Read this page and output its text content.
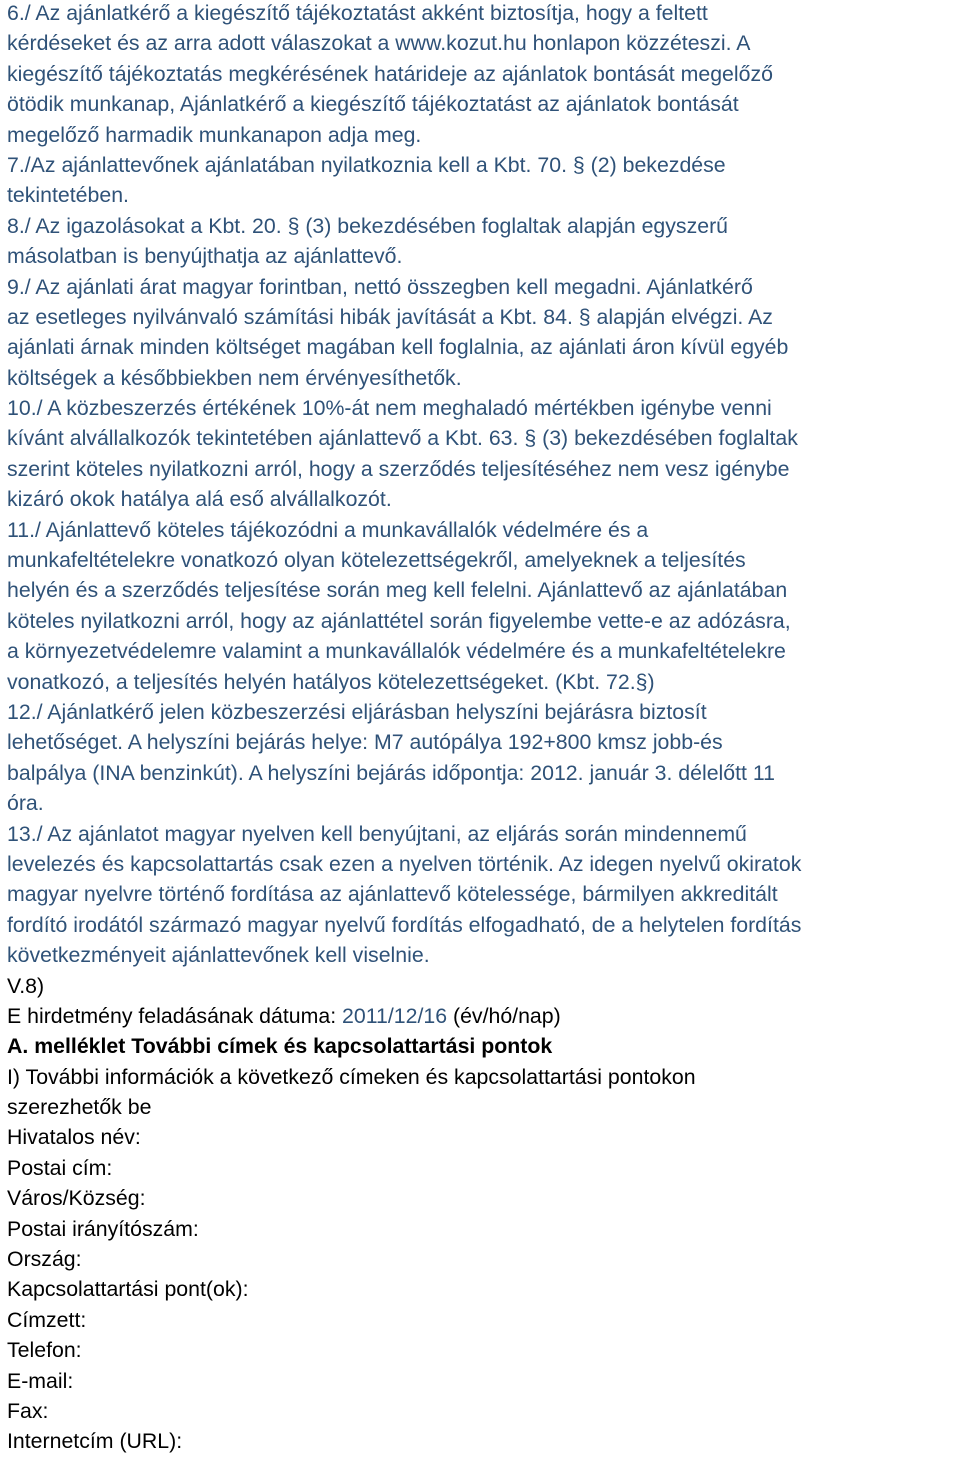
6./ Az ajánlatkérő a kiegészítő tájékoztatást akként biztosítja, hogy a feltett
kérdéseket és az arra adott válaszokat a www.kozut.hu honlapon közzéteszi. A
kiegészítő tájékoztatás megkérésének határideje az ajánlatok bontását megelőző
ötödik munkanap, Ajánlatkérő a kiegészítő tájékoztatást az ajánlatok bontását
megelőző harmadik munkanapon adja meg.
7./Az ajánlattevőnek ajánlatában nyilatkoznia kell a Kbt. 70. § (2) bekezdése
tekintetében.
8./ Az igazolásokat a Kbt. 20. § (3) bekezdésében foglaltak alapján egyszerű
másolatban is benyújthatja az ajánlattevő.
9./ Az ajánlati árat magyar forintban, nettó összegben kell megadni. Ajánlatkérő
az esetleges nyilvánvaló számítási hibák javítását a Kbt. 84. § alapján elvégzi. Az
ajánlati árnak minden költséget magában kell foglalnia, az ajánlati áron kívül egyéb
költségek a későbbiekben nem érvényesíthetők.
10./ A közbeszerzés értékének 10%-át nem meghaladó mértékben igénybe venni
kívánt alvállalkozók tekintetében ajánlattevő a Kbt. 63. § (3) bekezdésében foglaltak
szerint köteles nyilatkozni arról, hogy a szerződés teljesítéséhez nem vesz igénybe
kizáró okok hatálya alá eső alvállalkozót.
11./ Ajánlattevő köteles tájékozódni a munkavállalók védelmére és a
munkafeltételekre vonatkozó olyan kötelezettségekről, amelyeknek a teljesítés
helyén és a szerződés teljesítése során meg kell felelni. Ajánlattevő az ajánlatában
köteles nyilatkozni arról, hogy az ajánlattétel során figyelembe vette-e az adózásra,
a környezetvédelemre valamint a munkavállalók védelmére és a munkafeltételekre
vonatkozó, a teljesítés helyén hatályos kötelezettségeket. (Kbt. 72.§)
12./ Ajánlatkérő jelen közbeszerzési eljárásban helyszíni bejárásra biztosít
lehetőséget. A helyszíni bejárás helye: M7 autópálya 192+800 kmsz jobb-és
balpálya (INA benzinkút). A helyszíni bejárás időpontja: 2012. január 3. délelőtt 11
óra.
13./ Az ajánlatot magyar nyelven kell benyújtani, az eljárás során mindennemű
levelezés és kapcsolattartás csak ezen a nyelven történik. Az idegen nyelvű okiratok
magyar nyelvre történő fordítása az ajánlattevő kötelessége, bármilyen akkreditált
fordító irodától származó magyar nyelvű fordítás elfogadható, de a helytelen fordítás
következményeit ajánlattevőnek kell viselnie.
V.8)
E hirdetmény feladásának dátuma: 2011/12/16 (év/hó/nap)
A. melléklet További címek és kapcsolattartási pontok
I) További információk a következő címeken és kapcsolattartási pontokon
szerezhetők be
Hivatalos név:
Postai cím:
Város/Község:
Postai irányítószám:
Ország:
Kapcsolattartási pont(ok):
Címzett:
Telefon:
E-mail:
Fax:
Internetcím (URL):
